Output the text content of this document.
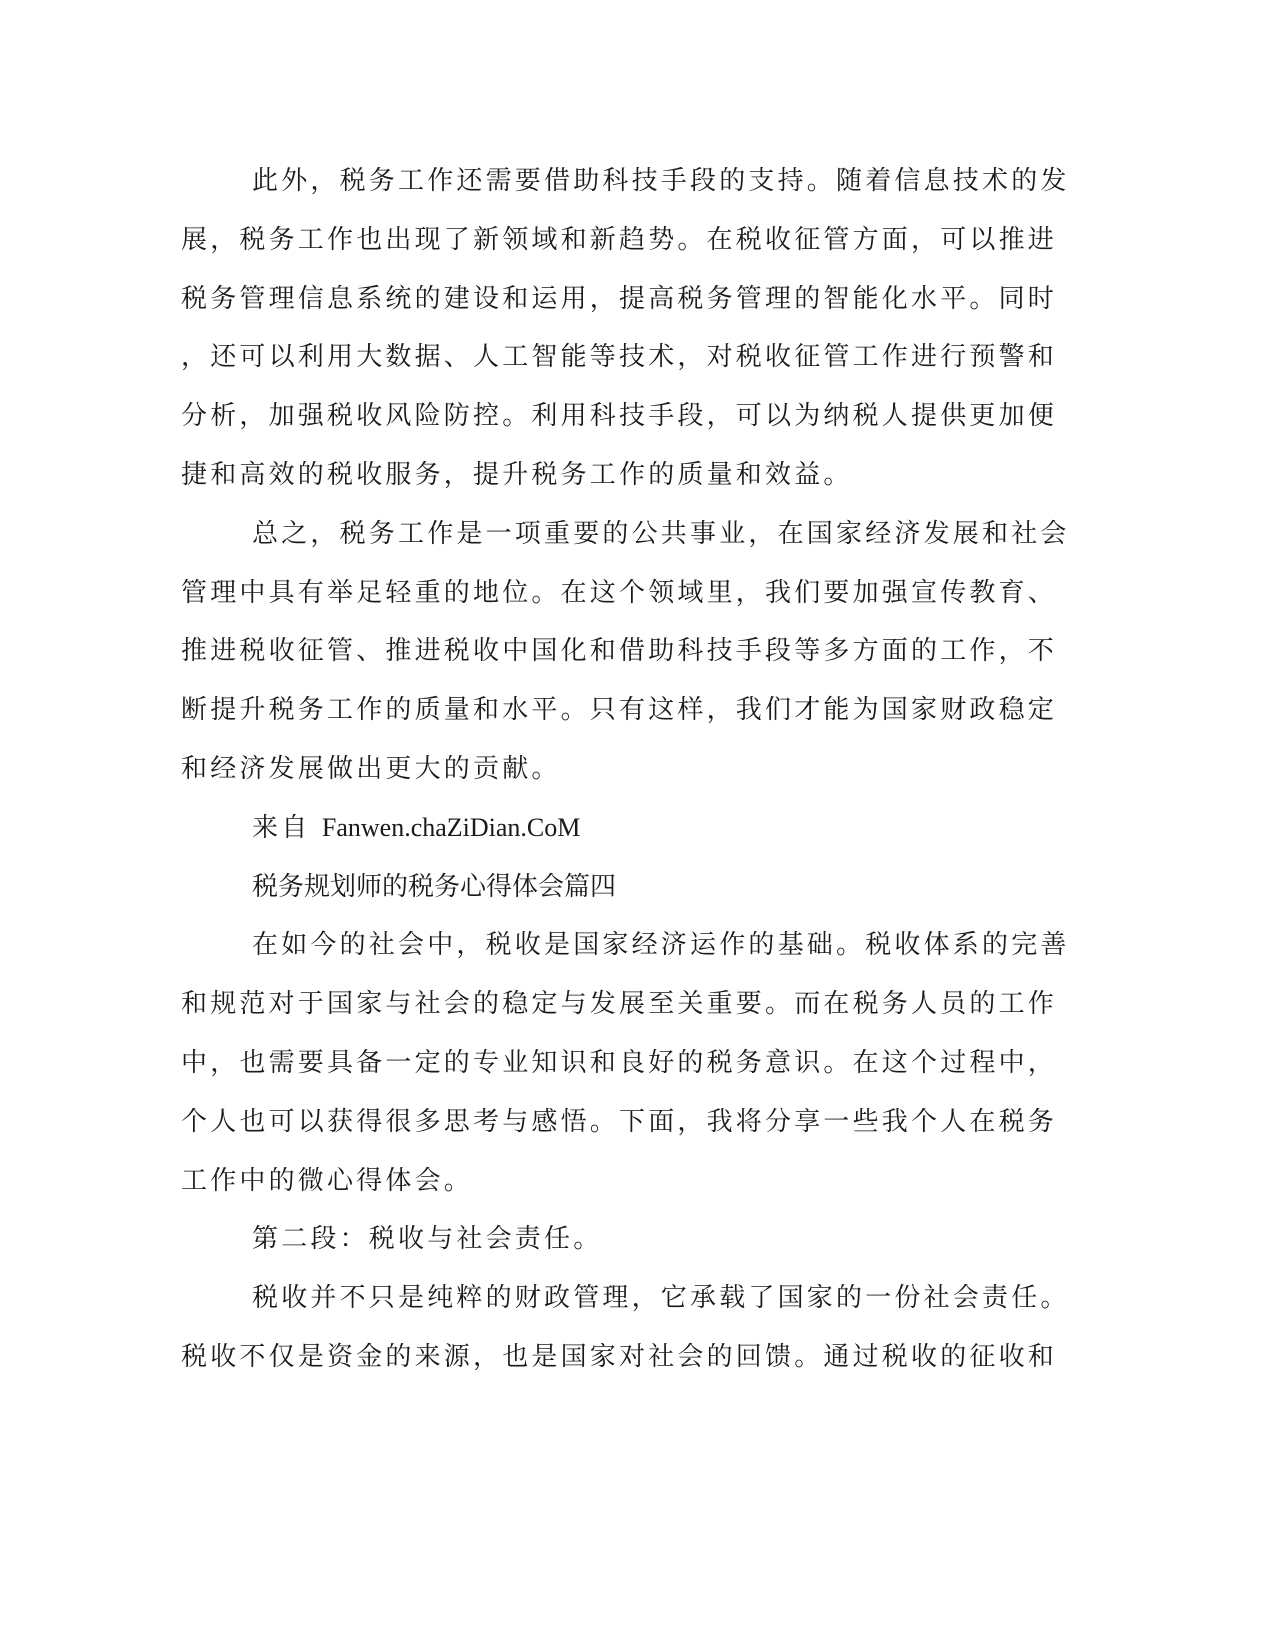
此外，税务工作还需要借助科技手段的支持。随着信息技术的发
展，税务工作也出现了新领域和新趋势。在税收征管方面，可以推进
税务管理信息系统的建设和运用，提高税务管理的智能化水平。同时
，还可以利用大数据、人工智能等技术，对税收征管工作进行预警和
分析，加强税收风险防控。利用科技手段，可以为纳税人提供更加便
捷和高效的税收服务，提升税务工作的质量和效益。
总之，税务工作是一项重要的公共事业，在国家经济发展和社会
管理中具有举足轻重的地位。在这个领域里，我们要加强宣传教育、
推进税收征管、推进税收中国化和借助科技手段等多方面的工作，不
断提升税务工作的质量和水平。只有这样，我们才能为国家财政稳定
和经济发展做出更大的贡献。
来自 Fanwen.chaZiDian.CoM
税务规划师的税务心得体会篇四
在如今的社会中，税收是国家经济运作的基础。税收体系的完善
和规范对于国家与社会的稳定与发展至关重要。而在税务人员的工作
中，也需要具备一定的专业知识和良好的税务意识。在这个过程中，
个人也可以获得很多思考与感悟。下面，我将分享一些我个人在税务
工作中的微心得体会。
第二段：税收与社会责任。
税收并不只是纯粹的财政管理，它承载了国家的一份社会责任。
税收不仅是资金的来源，也是国家对社会的回馈。通过税收的征收和
